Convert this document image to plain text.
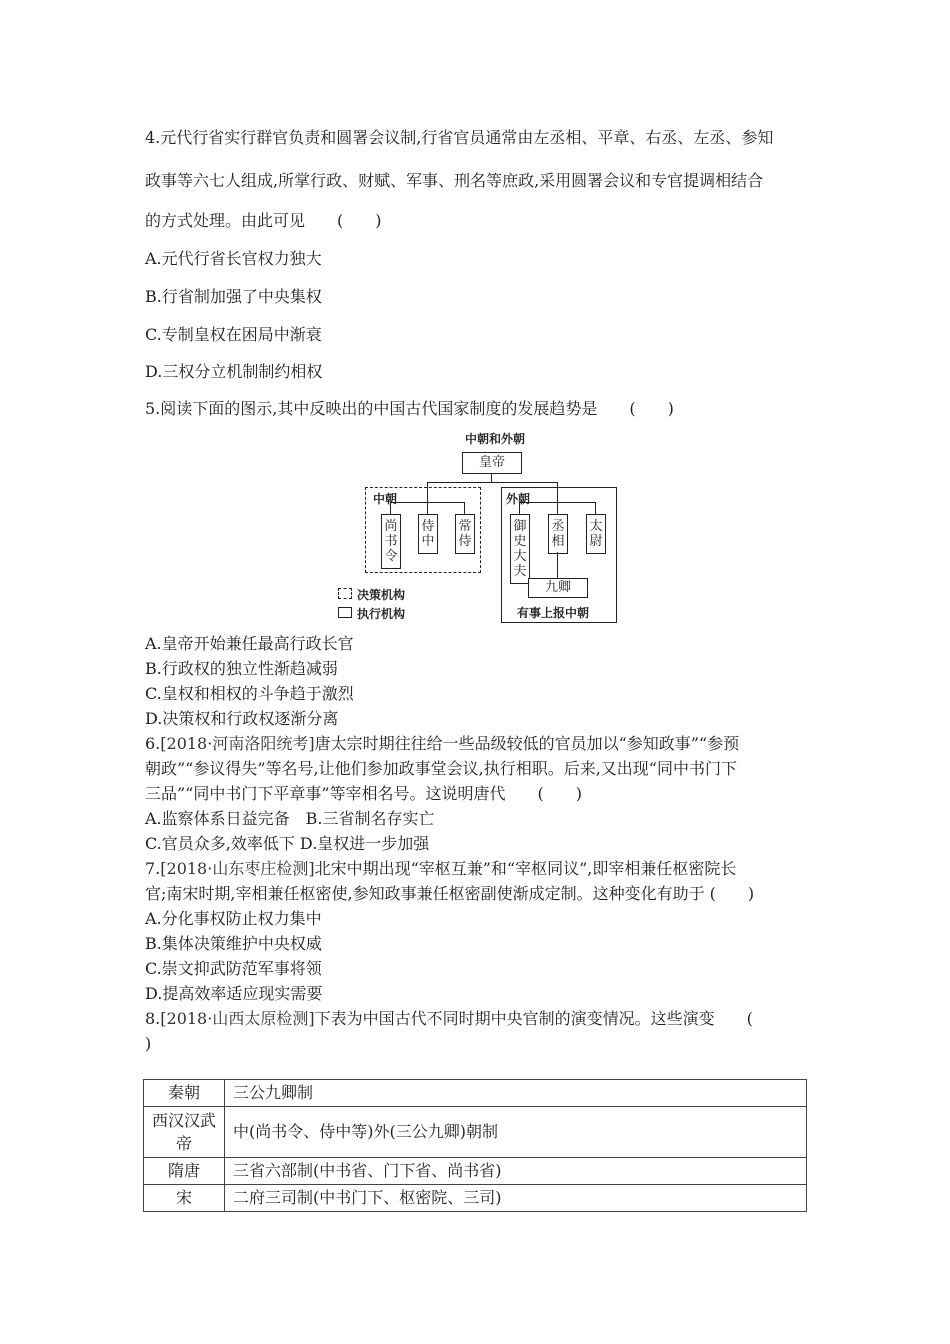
4.元代行省实行群官负责和圆署会议制,行省官员通常由左丞相、平章、右丞、左丞、参知
政事等六七人组成,所掌行政、财赋、军事、刑名等庶政,采用圆署会议和专官提调相结合
的方式处理。由此可见　　(　　)
A.元代行省长官权力独大
B.行省制加强了中央集权
C.专制皇权在困局中渐衰
D.三权分立机制制约相权
5.阅读下面的图示,其中反映出的中国古代国家制度的发展趋势是　　(　　)
中朝和外朝
皇帝
中朝
尚书令
侍中
常侍
外朝
御史大夫
丞相
太尉
九卿
有事上报中朝
决策机构
执行机构
A.皇帝开始兼任最高行政长官
B.行政权的独立性渐趋减弱
C.皇权和相权的斗争趋于激烈
D.决策权和行政权逐渐分离
6.[2018·河南洛阳统考]唐太宗时期往往给一些品级较低的官员加以“参知政事”“参预
朝政”“参议得失”等名号,让他们参加政事堂会议,执行相职。后来,又出现“同中书门下
三品”“同中书门下平章事”等宰相名号。这说明唐代　　(　　)
A.监察体系日益完备　B.三省制名存实亡
C.官员众多,效率低下 D.皇权进一步加强
7.[2018·山东枣庄检测]北宋中期出现“宰枢互兼”和“宰枢同议”,即宰相兼任枢密院长
官;南宋时期,宰相兼任枢密使,参知政事兼任枢密副使渐成定制。这种变化有助于 (　　)
A.分化事权防止权力集中
B.集体决策维护中央权威
C.崇文抑武防范军事将领
D.提高效率适应现实需要
8.[2018·山西太原检测]下表为中国古代不同时期中央官制的演变情况。这些演变　　(
)
秦朝	三公九卿制
西汉汉武帝	中(尚书令、侍中等)外(三公九卿)朝制
隋唐	三省六部制(中书省、门下省、尚书省)
宋	二府三司制(中书门下、枢密院、三司)
